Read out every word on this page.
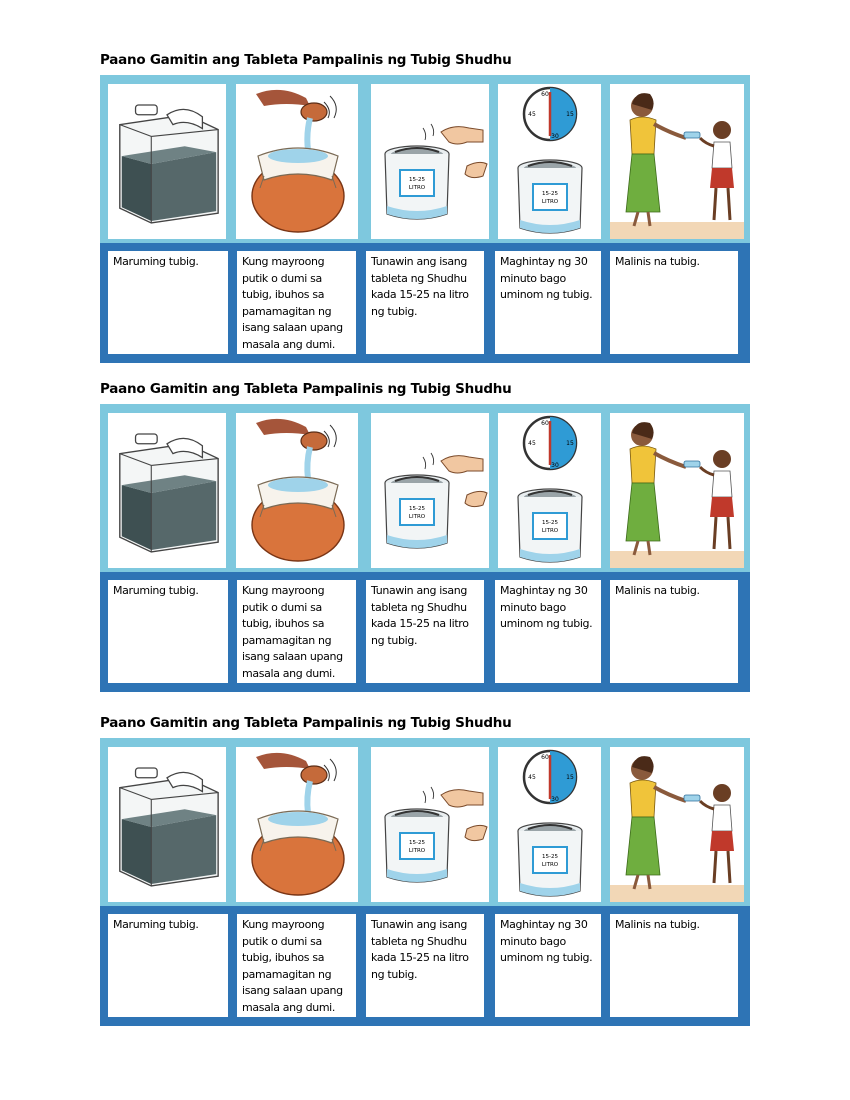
Paano Gamitin ang Tableta Pampalinis ng Tubig Shudhu
15-25
LITRO
60
15
30
45
15-25
LITRO
Maruming tubig.	Kung mayroong
putik o dumi sa
tubig, ibuhos sa
pamamagitan ng
isang salaan upang
masala ang dumi.
Tunawin ang isang
tableta ng Shudhu
kada 15-25 na litro
ng tubig.
Maghintay ng 30
minuto bago
uminom ng tubig.
Malinis na tubig.
Paano Gamitin ang Tableta Pampalinis ng Tubig Shudhu
15-25
LITRO
60
15
30
45
15-25
LITRO
Maruming tubig.	Kung mayroong
putik o dumi sa
tubig, ibuhos sa
pamamagitan ng
isang salaan upang
masala ang dumi.
Tunawin ang isang
tableta ng Shudhu
kada 15-25 na litro
ng tubig.
Maghintay ng 30
minuto bago
uminom ng tubig.
Malinis na tubig.
Paano Gamitin ang Tableta Pampalinis ng Tubig Shudhu
15-25
LITRO
60
15
30
45
15-25
LITRO
Maruming tubig.	Kung mayroong
putik o dumi sa
tubig, ibuhos sa
pamamagitan ng
isang salaan upang
masala ang dumi.
Tunawin ang isang
tableta ng Shudhu
kada 15-25 na litro
ng tubig.
Maghintay ng 30
minuto bago
uminom ng tubig.
Malinis na tubig.
